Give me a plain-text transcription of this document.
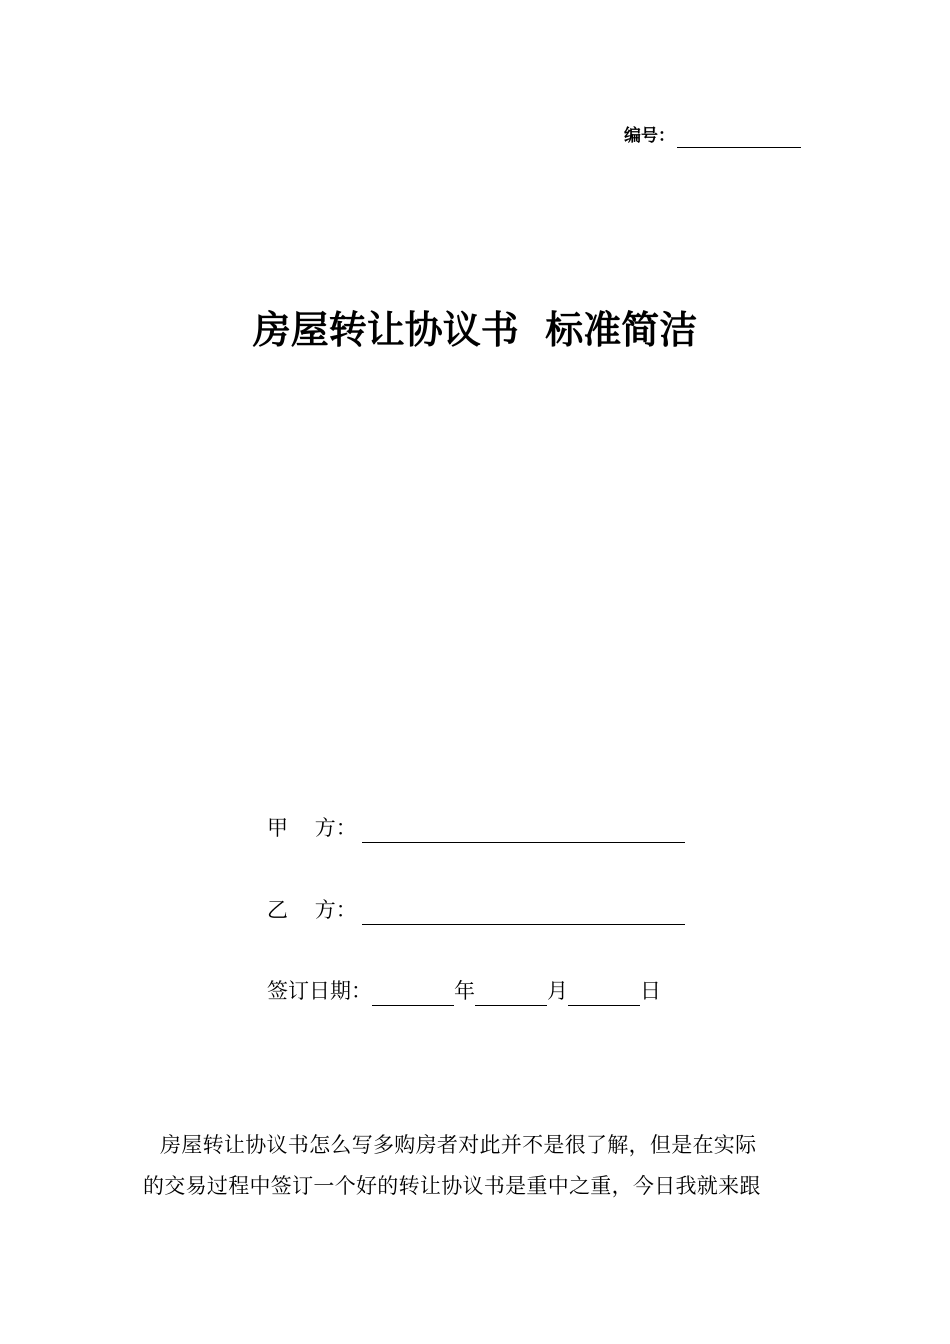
编号：
房屋转让协议书  标准简洁
甲    方：
乙    方：
签订日期：	年	月	日
房屋转让协议书怎么写多购房者对此并不是很了解，但是在实际
的交易过程中签订一个好的转让协议书是重中之重，今日我就来跟
